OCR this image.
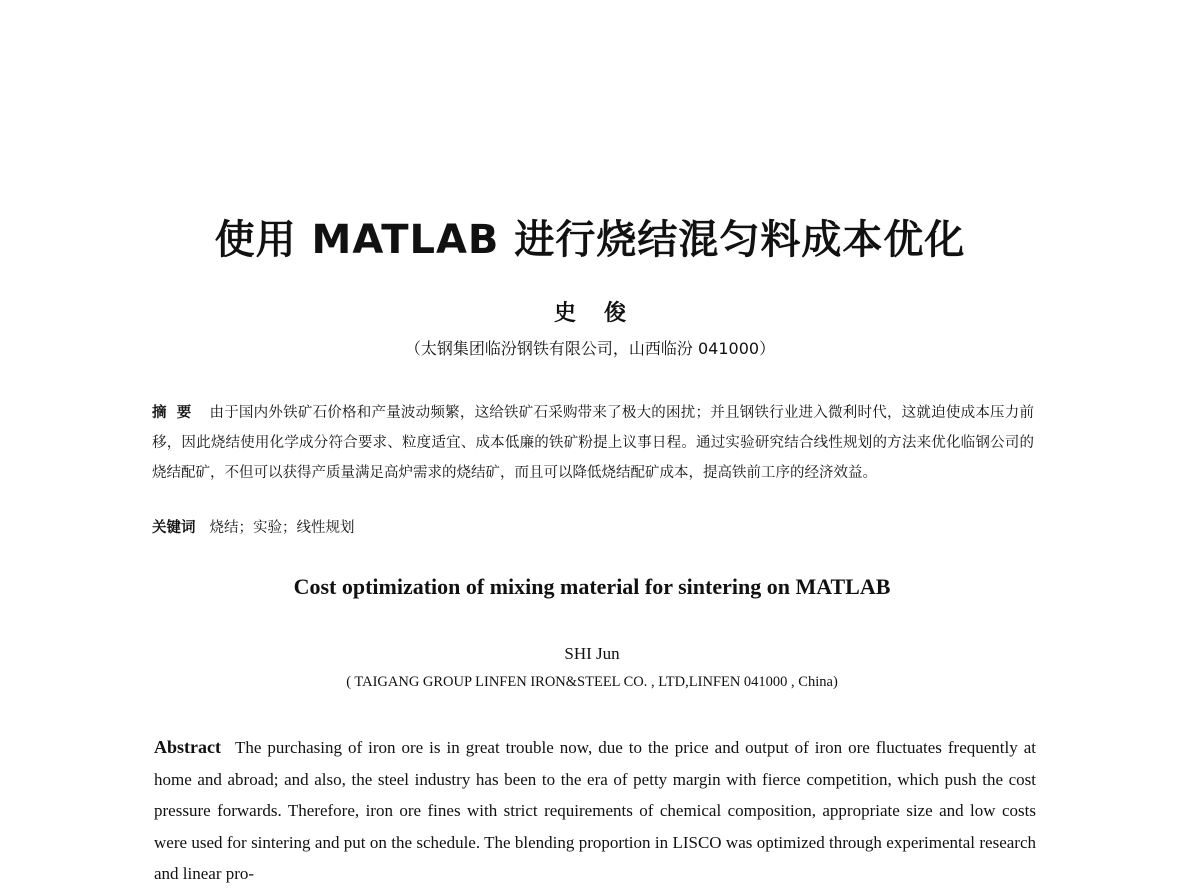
使用 MATLAB 进行烧结混匀料成本优化
史俊
（太钢集团临汾钢铁有限公司，山西临汾 041000）
摘要 由于国内外铁矿石价格和产量波动频繁，这给铁矿石采购带来了极大的困扰；并且钢铁行业进入微利时代，这就迫使成本压力前移，因此烧结使用化学成分符合要求、粒度适宜、成本低廉的铁矿粉提上议事日程。通过实验研究结合线性规划的方法来优化临钢公司的烧结配矿，不但可以获得产质量满足高炉需求的烧结矿，而且可以降低烧结配矿成本，提高铁前工序的经济效益。
关键词 烧结；实验；线性规划
Cost optimization of mixing material for sintering on MATLAB
SHI Jun
( TAIGANG GROUP LINFEN IRON&STEEL CO. , LTD,LINFEN 041000 , China)
Abstract The purchasing of iron ore is in great trouble now, due to the price and output of iron ore fluctuates frequently at home and abroad; and also, the steel industry has been to the era of petty margin with fierce competition, which push the cost pressure forwards. Therefore, iron ore fines with strict requirements of chemical composition, appropriate size and low costs were used for sintering and put on the schedule. The blending proportion in LISCO was optimized through experimental research and linear pro-
